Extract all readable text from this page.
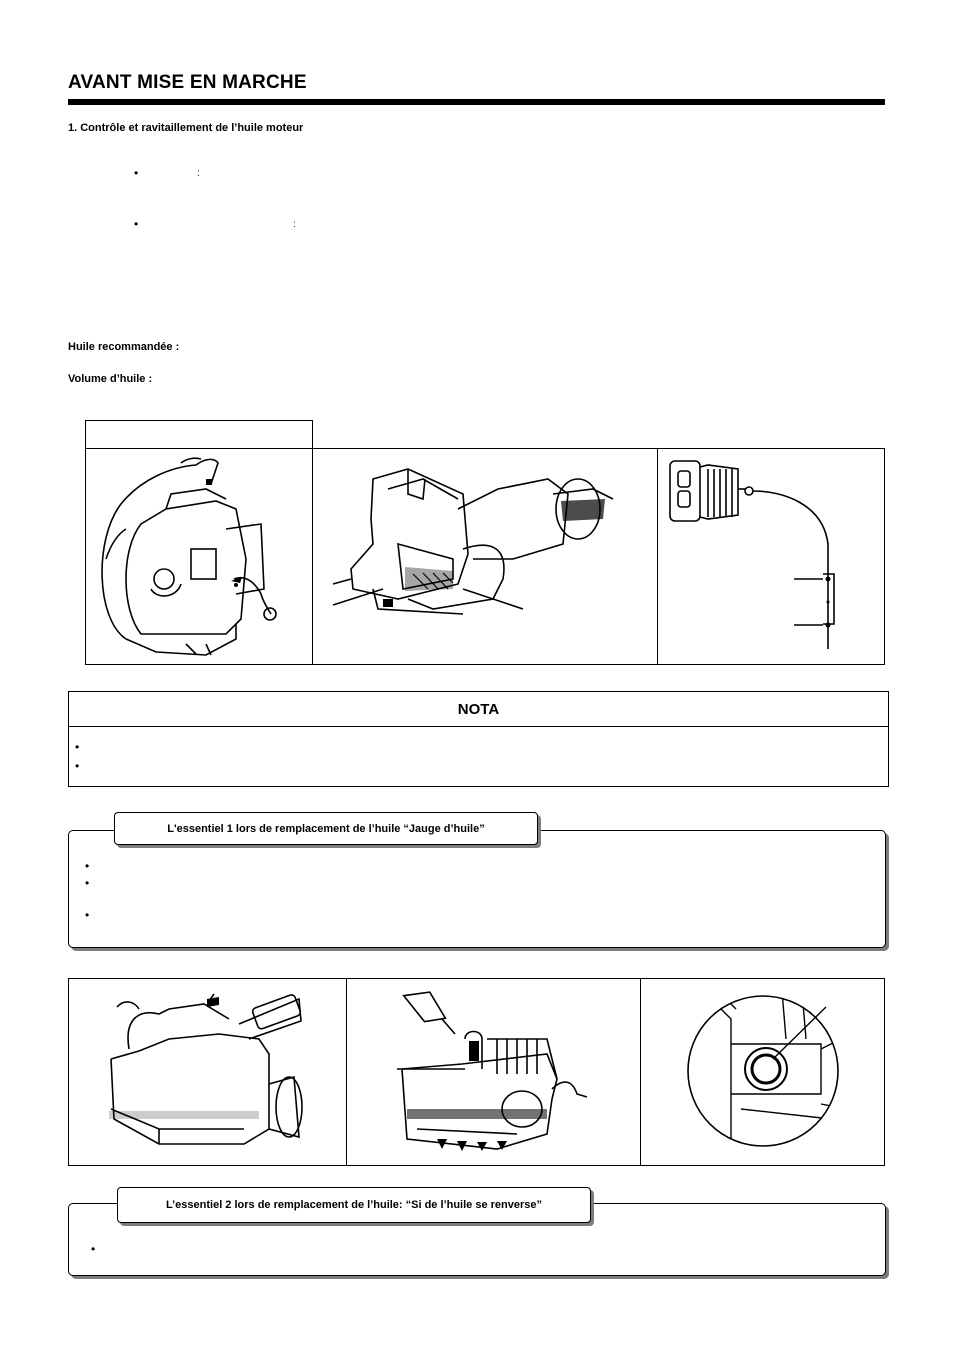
AVANT MISE EN MARCHE
1. Contrôle et ravitaillement de l’huile moteur
•	:
•	:
Huile recommandée :
Volume d’huile :
NOTA
•
•
•
•
•
L'essentiel 1 lors de remplacement de l’huile “Jauge d’huile”
•
L’essentiel 2 lors de remplacement de l’huile: “Si de l’huile se renverse”
